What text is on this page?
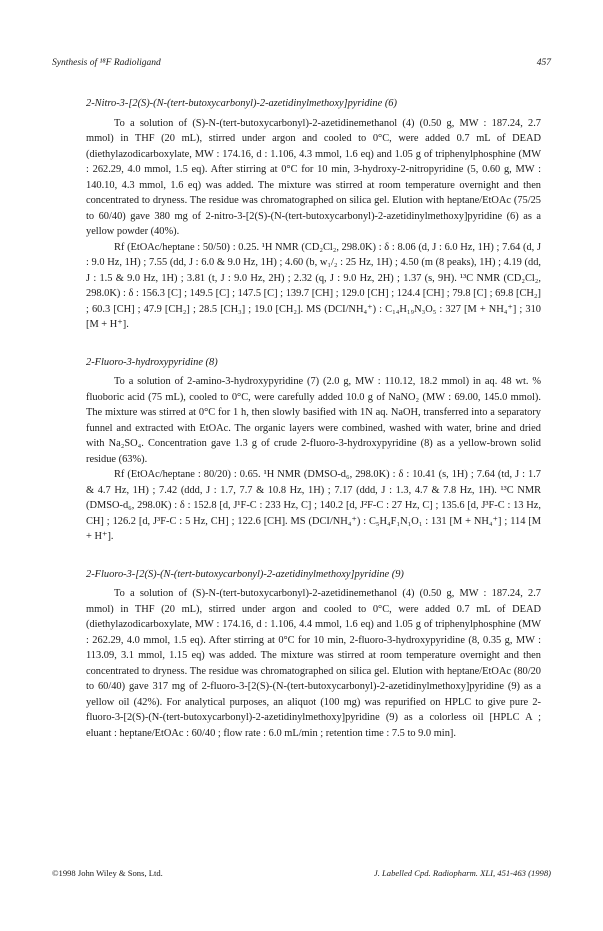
Synthesis of ¹⁸F Radioligand	457
2-Nitro-3-[2(S)-(N-(tert-butoxycarbonyl)-2-azetidinylmethoxy]pyridine (6)

To a solution of (S)-N-(tert-butoxycarbonyl)-2-azetidinemethanol (4) (0.50 g, MW : 187.24, 2.7 mmol) in THF (20 mL), stirred under argon and cooled to 0°C, were added 0.7 mL of DEAD (diethylazodicarboxylate, MW : 174.16, d : 1.106, 4.3 mmol, 1.6 eq) and 1.05 g of triphenylphosphine (MW : 262.29, 4.0 mmol, 1.5 eq). After stirring at 0°C for 10 min, 3-hydroxy-2-nitropyridine (5, 0.60 g, MW : 140.10, 4.3 mmol, 1.6 eq) was added. The mixture was stirred at room temperature overnight and then concentrated to dryness. The residue was chromatographed on silica gel. Elution with heptane/EtOAc (75/25 to 60/40) gave 380 mg of 2-nitro-3-[2(S)-(N-(tert-butoxycarbonyl)-2-azetidinylmethoxy]pyridine (6) as a yellow powder (40%).

Rf (EtOAc/heptane : 50/50) : 0.25. ¹H NMR (CD₂Cl₂, 298.0K) : δ : 8.06 (d, J : 6.0 Hz, 1H) ; 7.64 (d, J : 9.0 Hz, 1H) ; 7.55 (dd, J : 6.0 & 9.0 Hz, 1H) ; 4.60 (b, w₁/₂ : 25 Hz, 1H) ; 4.50 (m (8 peaks), 1H) ; 4.19 (dd, J : 1.5 & 9.0 Hz, 1H) ; 3.81 (t, J : 9.0 Hz, 2H) ; 2.32 (q, J : 9.0 Hz, 2H) ; 1.37 (s, 9H). ¹³C NMR (CD₂Cl₂, 298.0K) : δ : 156.3 [C] ; 149.5 [C] ; 147.5 [C] ; 139.7 [CH] ; 129.0 [CH] ; 124.4 [CH] ; 79.8 [C] ; 69.8 [CH₂] ; 60.3 [CH] ; 47.9 [CH₂] ; 28.5 [CH₃] ; 19.0 [CH₂]. MS (DCI/NH₄⁺) : C₁₄H₁₉N₃O₅ : 327 [M + NH₄⁺] ; 310 [M + H⁺].

2-Fluoro-3-hydroxypyridine (8)

To a solution of 2-amino-3-hydroxypyridine (7) (2.0 g, MW : 110.12, 18.2 mmol) in aq. 48 wt. % fluoboric acid (75 mL), cooled to 0°C, were carefully added 10.0 g of NaNO₂ (MW : 69.00, 145.0 mmol). The mixture was stirred at 0°C for 1 h, then slowly basified with 1N aq. NaOH, transferred into a separatory funnel and extracted with EtOAc. The organic layers were combined, washed with water, brine and dried with Na₂SO₄. Concentration gave 1.3 g of crude 2-fluoro-3-hydroxypyridine (8) as a yellow-brown solid residue (63%).

Rf (EtOAc/heptane : 80/20) : 0.65. ¹H NMR (DMSO-d₆, 298.0K) : δ : 10.41 (s, 1H) ; 7.64 (td, J : 1.7 & 4.7 Hz, 1H) ; 7.42 (ddd, J : 1.7, 7.7 & 10.8 Hz, 1H) ; 7.17 (ddd, J : 1.3, 4.7 & 7.8 Hz, 1H). ¹³C NMR (DMSO-d₆, 298.0K) : δ : 152.8 [d, J¹F-C : 233 Hz, C] ; 140.2 [d, J²F-C : 27 Hz, C] ; 135.6 [d, J³F-C : 13 Hz, CH] ; 126.2 [d, J³F-C : 5 Hz, CH] ; 122.6 [CH]. MS (DCI/NH₄⁺) : C₅H₄F₁N₁O₁ : 131 [M + NH₄⁺] ; 114 [M + H⁺].

2-Fluoro-3-[2(S)-(N-(tert-butoxycarbonyl)-2-azetidinylmethoxy]pyridine (9)

To a solution of (S)-N-(tert-butoxycarbonyl)-2-azetidinemethanol (4) (0.50 g, MW : 187.24, 2.7 mmol) in THF (20 mL), stirred under argon and cooled to 0°C, were added 0.7 mL of DEAD (diethylazodicarboxylate, MW : 174.16, d : 1.106, 4.4 mmol, 1.6 eq) and 1.05 g of triphenylphosphine (MW : 262.29, 4.0 mmol, 1.5 eq). After stirring at 0°C for 10 min, 2-fluoro-3-hydroxypyridine (8, 0.35 g, MW : 113.09, 3.1 mmol, 1.15 eq) was added. The mixture was stirred at room temperature overnight and then concentrated to dryness. The residue was chromatographed on silica gel. Elution with heptane/EtOAc (80/20 to 60/40) gave 317 mg of 2-fluoro-3-[2(S)-(N-(tert-butoxycarbonyl)-2-azetidinylmethoxy]pyridine (9) as a yellow oil (42%). For analytical purposes, an aliquot (100 mg) was repurified on HPLC to give pure 2-fluoro-3-[2(S)-(N-(tert-butoxycarbonyl)-2-azetidinylmethoxy]pyridine (9) as a colorless oil [HPLC A ; eluant : heptane/EtOAc : 60/40 ; flow rate : 6.0 mL/min ; retention time : 7.5 to 9.0 min].

©1998 John Wiley & Sons, Ltd.	J. Labelled Cpd. Radiopharm. XLI, 451-463 (1998)
